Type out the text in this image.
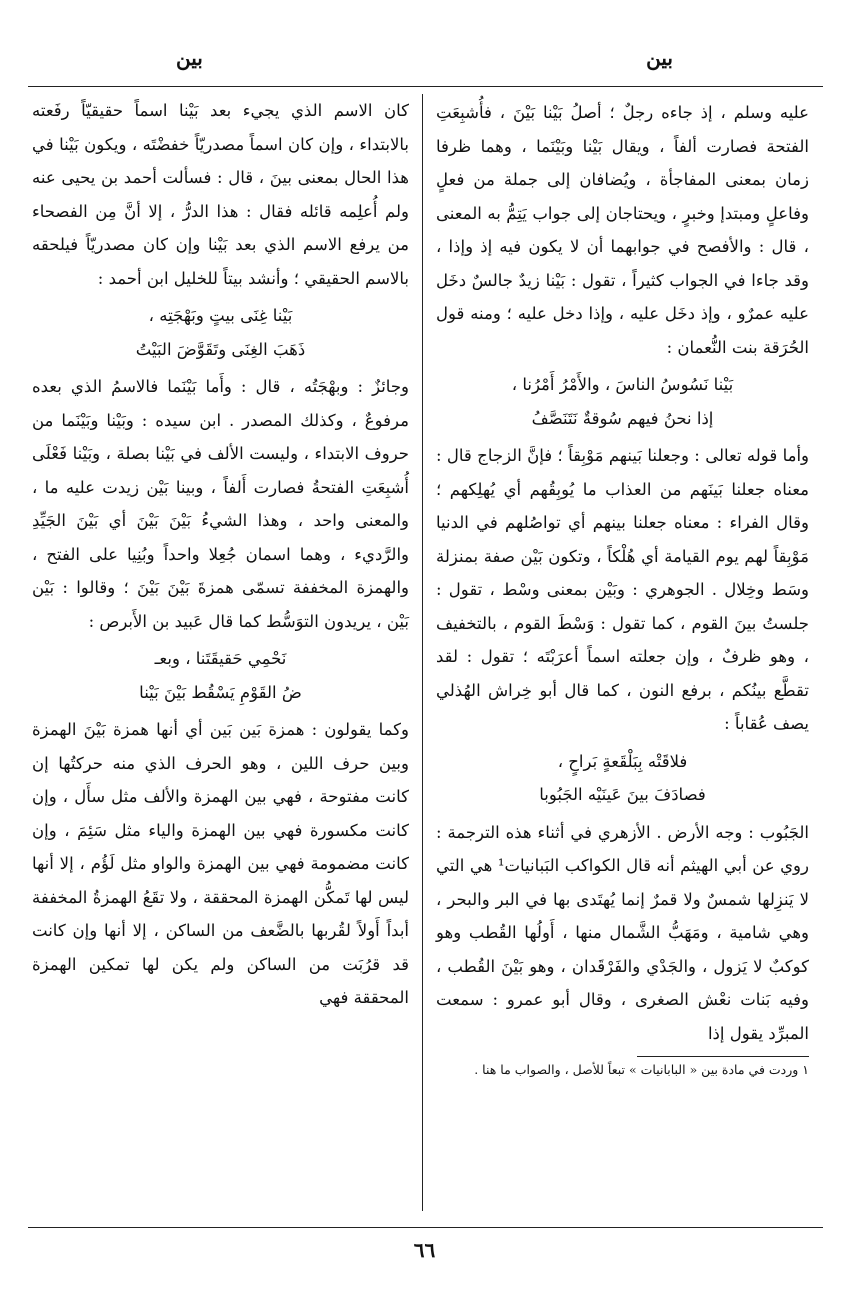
بين
بين

عليه وسلم ، إذ جاءه رجلٌ ؛ أصلُ بَيْنا بَيْنَ ، فأُشبِعَتِ الفتحة فصارت ألفاً ، ويقال بَيْنا وبَيْنَما ، وهما ظرفا زمان بمعنى المفاجأة ، ويُضافان إلى جملة من فعلٍ وفاعلٍ ومبتدإ وخبرٍ ، ويحتاجان إلى جواب يَتِمُّ به المعنى ، قال : والأفصح في جوابهما أن لا يكون فيه إذ وإذا ، وقد جاءا في الجواب كثيراً ، تقول : بَيْنا زيدٌ جالسٌ دخَل عليه عمرٌو ، وإذ دخَل عليه ، وإذا دخل عليه ؛ ومنه قول الحُرَقة بنت النُّعمان :

بَيْنا نَسُوسُ الناسَ ، والأَمْرُ أَمْرُنا ،

إذا نحنُ فيهم سُوقةٌ نَتَنَصَّفُ

وأما قوله تعالى : وجعلنا بَينهم مَوْبِقاً ؛ فإنَّ الزجاج قال : معناه جعلنا بَينَهم من العذاب ما يُوبِقُهم أي يُهلِكهم ؛ وقال الفراء : معناه جعلنا بينهم أي تواصُلهم في الدنيا مَوْبِقاً لهم يوم القيامة أي هُلْكاً ، وتكون بَيْن صفة بمنزلة وسَط وخِلال . الجوهري : وبَيْن بمعنى وسْط ، تقول : جلستُ بينَ القوم ، كما تقول : وَسْطَ القوم ، بالتخفيف ، وهو ظرفٌ ، وإن جعلته اسماً أعرَبْتَه ؛ تقول : لقد تقطَّع بينُكم ، برفع النون ، كما قال أبو خِراش الهُذلي يصف عُقاباً :

فلاقَتْه بِبَلْقَعةٍ بَراحٍ ،

فصادَفَ بينَ عَينَيْه الجَبُوبا

الجَبُوب : وجه الأرض . الأزهري في أثناء هذه الترجمة : روي عن أبي الهيثم أنه قال الكواكب البَبانيات¹ هي التي لا يَنزِلها شمسٌ ولا قمرٌ إنما يُهتَدى بها في البر والبحر ، وهي شامية ، ومَهَبُّ الشَّمال منها ، أَولُها القُطب وهو كوكبٌ لا يَزول ، والجَدْي والفَرْقَدان ، وهو بَيْنَ القُطب ، وفيه بَنات نعْش الصغرى ، وقال أبو عمرو : سمعت المبرِّد يقول إذا

١ وردت في مادة بين « البابانيات » تبعاً للأصل ، والصواب ما هنا .

كان الاسم الذي يجيء بعد بَيْنا اسماً حقيقيّاً رفَعته بالابتداء ، وإن كان اسماً مصدريّاً خفضْتَه ، ويكون بَيْنا في هذا الحال بمعنى بينَ ، قال : فسألت أحمد بن يحيى عنه ولم أُعلِمه قائله فقال : هذا الدرُّ ، إلا أنَّ مِن الفصحاء من يرفع الاسم الذي بعد بَيْنا وإن كان مصدريّاً فيلحقه بالاسم الحقيقي ؛ وأنشد بيتاً للخليل ابن أحمد :

بَيْنا غِنَى بيتٍ وبَهْجَتِه ،

ذَهَبَ الغِنَى وتَقَوَّضَ البَيْتُ

وجائزٌ : وبهْجَتُه ، قال : وأَما بَيْنَما فالاسمُ الذي بعده مرفوعٌ ، وكذلك المصدر . ابن سيده : وبَيْنا وبَيْنَما من حروف الابتداء ، وليست الألف في بَيْنا بصلة ، وبَيْنا فَعْلَى أُشبِعَتِ الفتحةُ فصارت أَلفاً ، وبينا بَيْن زيدت عليه ما ، والمعنى واحد ، وهذا الشيءُ بَيْنَ بَيْنَ أي بَيْنَ الجَيِّدِ والرَّديء ، وهما اسمان جُعِلا واحداً وبُنِيا على الفتح ، والهمزة المخففة تسمّى همزةَ بَيْنَ بَيْنَ ؛ وقالوا : بَيْن بَيْن ، يريدون التوَسُّط كما قال عَبيد بن الأَبرص :

نَحْمِي حَقيقَتَنا ، وبعـ

ضُ القَوْمِ يَسْقُط بَيْنَ بَيْنا

وكما يقولون : همزة بَين بَين أي أنها همزة بَيْنَ الهمزة وبين حرف اللين ، وهو الحرف الذي منه حركتُها إن كانت مفتوحة ، فهي بين الهمزة والألف مثل سأَل ، وإن كانت مكسورة فهي بين الهمزة والياء مثل سَئِمَ ، وإن كانت مضمومة فهي بين الهمزة والواو مثل لَؤُم ، إلا أنها ليس لها تَمكُّن الهمزة المحققة ، ولا تقَعُ الهمزةُ المخففة أبداً أَولاً لقُربها بالضَّعف من الساكن ، إلا أنها وإن كانت قد قرُبَت من الساكن ولم يكن لها تمكين الهمزة المحققة فهي

٦٦
